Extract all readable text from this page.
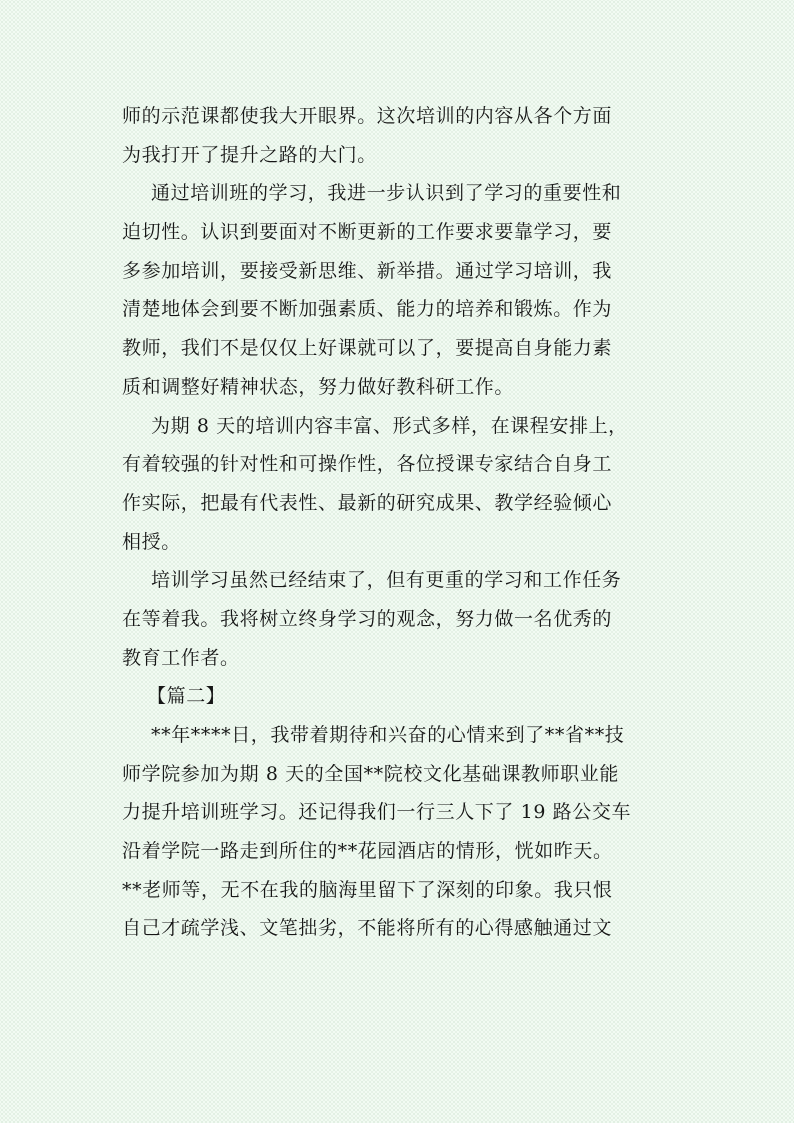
师的示范课都使我大开眼界。这次培训的内容从各个方面
为我打开了提升之路的大门。
通过培训班的学习，我进一步认识到了学习的重要性和
迫切性。认识到要面对不断更新的工作要求要靠学习，要
多参加培训，要接受新思维、新举措。通过学习培训，我
清楚地体会到要不断加强素质、能力的培养和锻炼。作为
教师，我们不是仅仅上好课就可以了，要提高自身能力素
质和调整好精神状态，努力做好教科研工作。
为期 8 天的培训内容丰富、形式多样，在课程安排上，
有着较强的针对性和可操作性，各位授课专家结合自身工
作实际，把最有代表性、最新的研究成果、教学经验倾心
相授。
培训学习虽然已经结束了，但有更重的学习和工作任务
在等着我。我将树立终身学习的观念，努力做一名优秀的
教育工作者。
【篇二】
**年****日，我带着期待和兴奋的心情来到了**省**技
师学院参加为期 8 天的全国**院校文化基础课教师职业能
力提升培训班学习。还记得我们一行三人下了 19 路公交车
沿着学院一路走到所住的**花园酒店的情形，恍如昨天。
**老师等，无不在我的脑海里留下了深刻的印象。我只恨
自己才疏学浅、文笔拙劣，不能将所有的心得感触通过文
